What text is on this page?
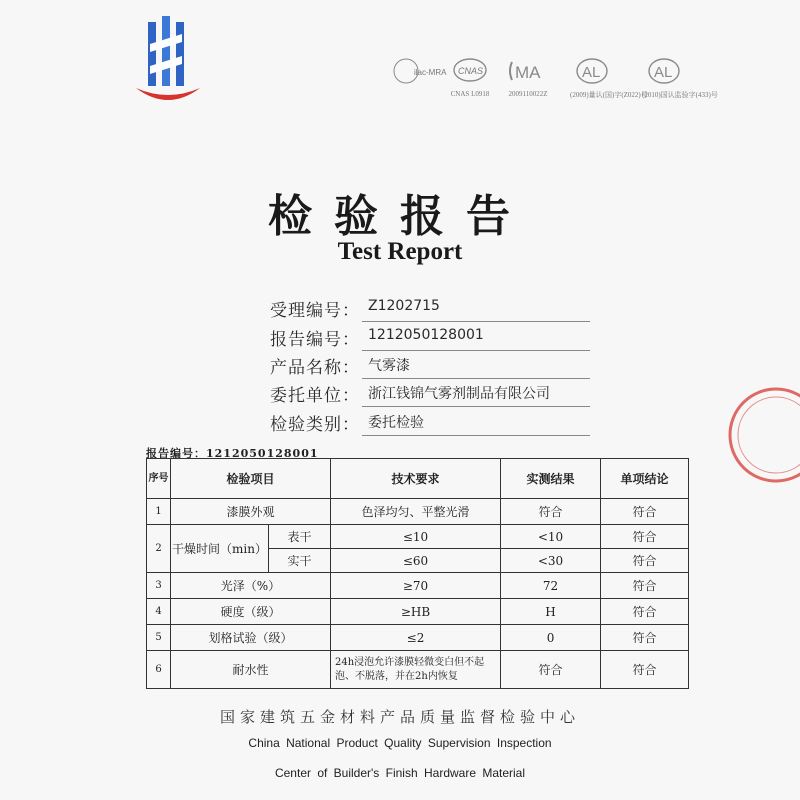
ilac-MRA CNAS
CNAS L0918
MA
2009110022Z
AL
(2009)量认(国)字(Z022)号
AL
(2010)国认监验字(433)号
检验报告
Test Report
受理编号： Z1202715
报告编号： 1212050128001
产品名称： 气雾漆
委托单位： 浙江钱锦气雾剂制品有限公司
检验类别： 委托检验
报告编号：1212050128001
序号	检验项目		技术要求	实测结果	单项结论
1	漆膜外观		色泽均匀、平整光滑	符合	符合
2	干燥时间（min）	表干	≤10	<10	符合
		实干	≤60	<30	符合
3	光泽（%）		≥70	72	符合
4	硬度（级）		≥HB	H	符合
5	划格试验（级）		≤2	0	符合
6	耐水性		24h浸泡允许漆膜轻微变白但不起泡、不脱落，并在2h内恢复	符合	符合
国家建筑五金材料产品质量监督检验中心
China National Product Quality Supervision Inspection
Center of Builder's Finish Hardware Material
